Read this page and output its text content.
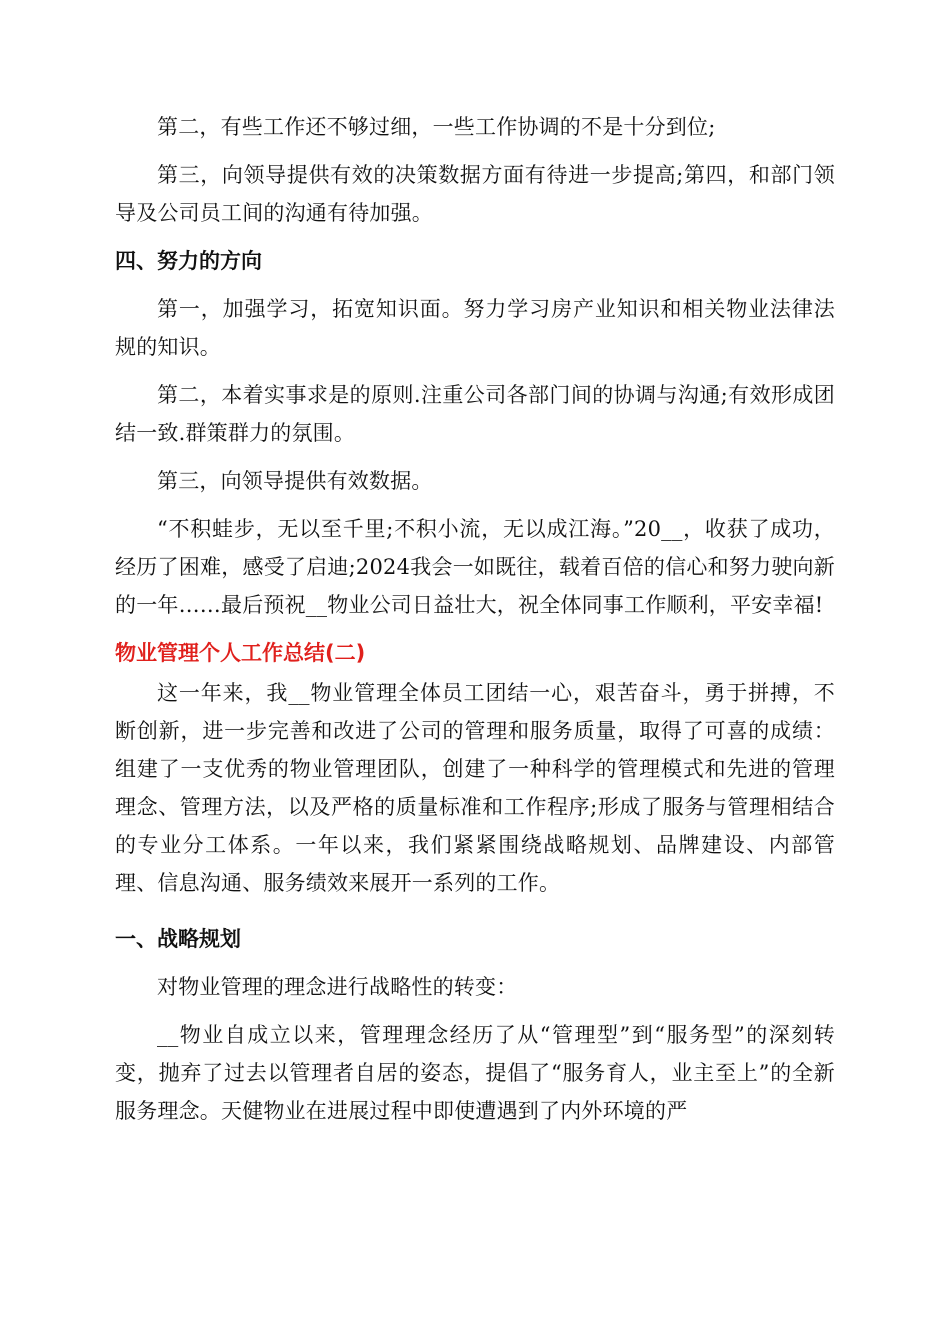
第二，有些工作还不够过细，一些工作协调的不是十分到位;

第三，向领导提供有效的决策数据方面有待进一步提高;第四，和部门领导及公司员工间的沟通有待加强。

四、努力的方向

第一，加强学习，拓宽知识面。努力学习房产业知识和相关物业法律法规的知识。

第二，本着实事求是的原则.注重公司各部门间的协调与沟通;有效形成团结一致.群策群力的氛围。

第三，向领导提供有效数据。

“不积蛙步，无以至千里;不积小流，无以成江海。”20__，收获了成功，经历了困难，感受了启迪;2024我会一如既往，载着百倍的信心和努力驶向新的一年……最后预祝__物业公司日益壮大，祝全体同事工作顺利，平安幸福!

物业管理个人工作总结(二)

这一年来，我__物业管理全体员工团结一心，艰苦奋斗，勇于拼搏，不断创新，进一步完善和改进了公司的管理和服务质量，取得了可喜的成绩：组建了一支优秀的物业管理团队，创建了一种科学的管理模式和先进的管理理念、管理方法，以及严格的质量标准和工作程序;形成了服务与管理相结合的专业分工体系。一年以来，我们紧紧围绕战略规划、品牌建设、内部管理、信息沟通、服务绩效来展开一系列的工作。

一、战略规划

对物业管理的理念进行战略性的转变：

__物业自成立以来，管理理念经历了从“管理型”到“服务型”的深刻转变，抛弃了过去以管理者自居的姿态，提倡了“服务育人，业主至上”的全新服务理念。天健物业在进展过程中即使遭遇到了内外环境的严
